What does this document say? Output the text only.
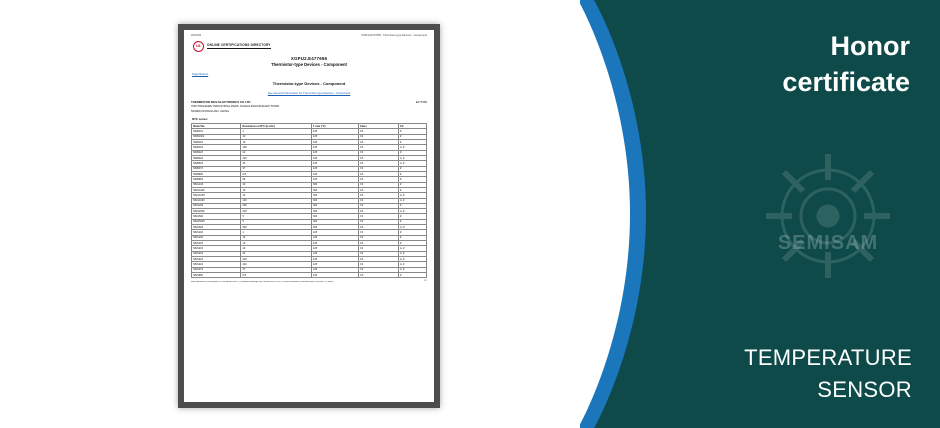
2016/2/6	XGPU2.E477656 - Thermistor-type Devices - Component
UL	ONLINE CERTIFICATIONS DIRECTORY
XGPU2.E477656
Thermistor-type Devices - Component
Page Bottom
Thermistor-type Devices - Component
See General Information for Thermistor-type Devices - Component
THERMISTOR-MOV ELECTRONICS CO LTD
XINYONGSHEN INDUSTRIAL PARK, DASHA DALINGSHAN TOWN
523000 DONGGUAN, CHINA
E477656
NTC series:
Model No.	Resistance at 25°C (k ohm)	T max (°C)	Class	CA
MNB101	1	125	C4	#
MNB1002	10	125	C4	#
MNB103	10	125	C4	#
MNB104	100	125	C3	A, #
MNB223	22	125	C3	#
MNB224	220	125	C3	A, #
MNB333	33	125	C2	A, #
MNB473	47	125	C3	#
MNB682	6.8	125	C4	#
MNB683	68	125	C3	#
MNG103	10	300	C3	#
MNG103F	10	300	C4	#
MNG103H	10	300	C4	A, #
MNG104F	100	300	C4	A, #
MNG204	200	300	C3	#
MNG204F	200	300	C4	A, #
MNG502	5	300	C3	#
MNG502F	5	300	C3	#
MNG504	500	300	C2	C, #
MNS102	1	125	C3	#
MNS103	10	125	C3	#
MNS103	10	125	C4	#
MNS203	20	125	C4	A, #
MNS223	22	125	C4	A, #
MNS224	220	125	C2	A, #
MNS224	220	125	C4	A, #
MNS473	47	125	C3	A, #
MNS682	6.8	125	C3	#
http://database.ul.com/cgi-bin/XYV/template/LISEXT/1FRAME/showpage.html?name=XGPU2,E477656&ccnshorttitle=Thermistor-type+Devices+-+Compo...
1/2
SEMISAM
Honor
certificate
TEMPERATURE
SENSOR
